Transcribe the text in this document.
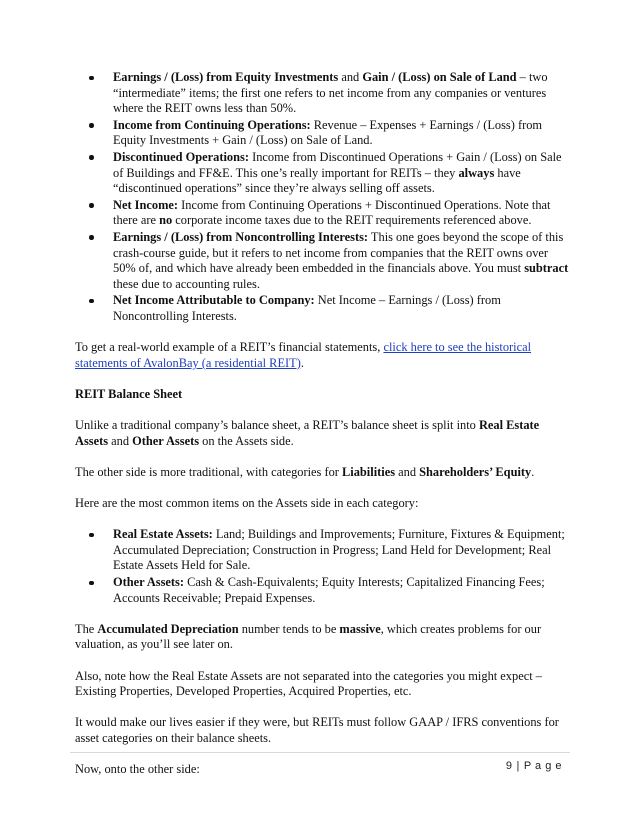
Earnings / (Loss) from Equity Investments and Gain / (Loss) on Sale of Land – two “intermediate” items; the first one refers to net income from any companies or ventures where the REIT owns less than 50%.
Income from Continuing Operations: Revenue – Expenses + Earnings / (Loss) from Equity Investments + Gain / (Loss) on Sale of Land.
Discontinued Operations: Income from Discontinued Operations + Gain / (Loss) on Sale of Buildings and FF&E. This one’s really important for REITs – they always have “discontinued operations” since they’re always selling off assets.
Net Income: Income from Continuing Operations + Discontinued Operations. Note that there are no corporate income taxes due to the REIT requirements referenced above.
Earnings / (Loss) from Noncontrolling Interests: This one goes beyond the scope of this crash-course guide, but it refers to net income from companies that the REIT owns over 50% of, and which have already been embedded in the financials above. You must subtract these due to accounting rules.
Net Income Attributable to Company: Net Income – Earnings / (Loss) from Noncontrolling Interests.

To get a real-world example of a REIT’s financial statements, click here to see the historical statements of AvalonBay (a residential REIT).

REIT Balance Sheet

Unlike a traditional company’s balance sheet, a REIT’s balance sheet is split into Real Estate Assets and Other Assets on the Assets side.

The other side is more traditional, with categories for Liabilities and Shareholders’ Equity.

Here are the most common items on the Assets side in each category:

Real Estate Assets: Land; Buildings and Improvements; Furniture, Fixtures & Equipment; Accumulated Depreciation; Construction in Progress; Land Held for Development; Real Estate Assets Held for Sale.
Other Assets: Cash & Cash-Equivalents; Equity Interests; Capitalized Financing Fees; Accounts Receivable; Prepaid Expenses.

The Accumulated Depreciation number tends to be massive, which creates problems for our valuation, as you’ll see later on.

Also, note how the Real Estate Assets are not separated into the categories you might expect – Existing Properties, Developed Properties, Acquired Properties, etc.

It would make our lives easier if they were, but REITs must follow GAAP / IFRS conventions for asset categories on their balance sheets.

Now, onto the other side:	9 | P a g e
